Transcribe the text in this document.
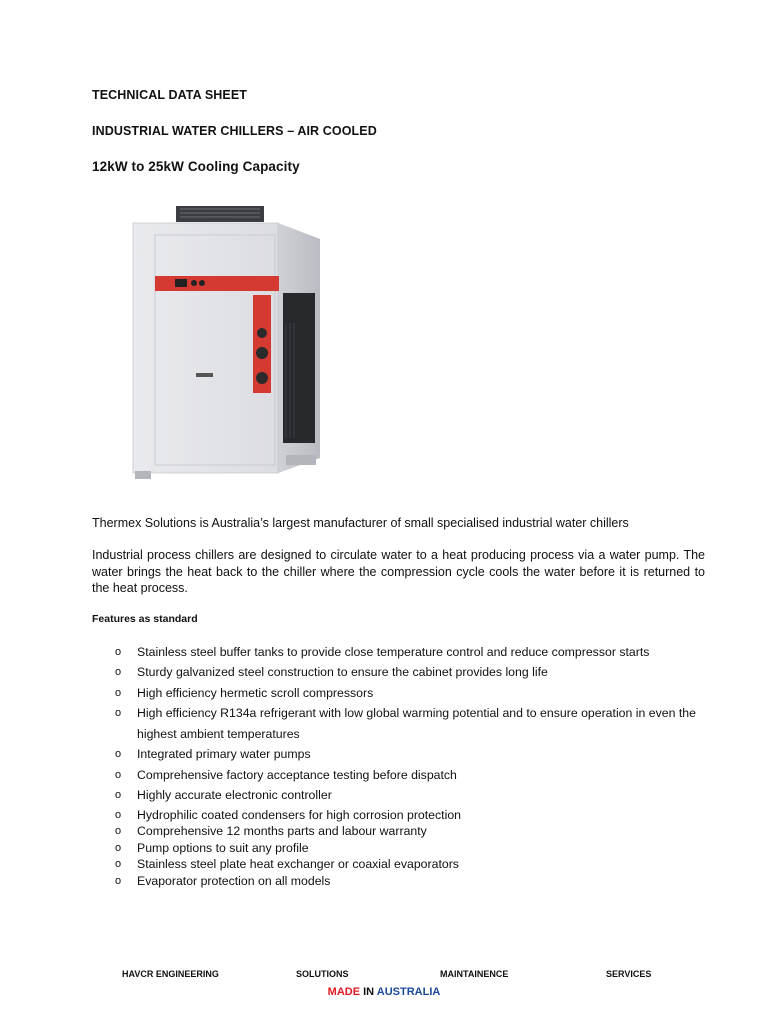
TECHNICAL DATA SHEET
INDUSTRIAL WATER CHILLERS – AIR COOLED
12kW to 25kW Cooling Capacity
Thermex Solutions is Australia’s largest manufacturer of small specialised industrial water chillers
Industrial process chillers are designed to circulate water to a heat producing process via a water pump. The water brings the heat back to the chiller where the compression cycle cools the water before it is returned to the heat process.
Features as standard
o	Stainless steel buffer tanks to provide close temperature control and reduce compressor starts
o	Sturdy galvanized steel construction to ensure the cabinet provides long life
o	High efficiency hermetic scroll compressors
o	High efficiency R134a refrigerant with low global warming potential and to ensure operation in even the highest ambient temperatures
o	Integrated primary water pumps
o	Comprehensive factory acceptance testing before dispatch
o	Highly accurate electronic controller
o	Hydrophilic coated condensers for high corrosion protection
o	Comprehensive 12 months parts and labour warranty
o	Pump options to suit any profile
o	Stainless steel plate heat exchanger or coaxial evaporators
o	Evaporator protection on all models
HAVCR ENGINEERING	SOLUTIONS	MAINTAINENCE	SERVICES
MADE IN AUSTRALIA
